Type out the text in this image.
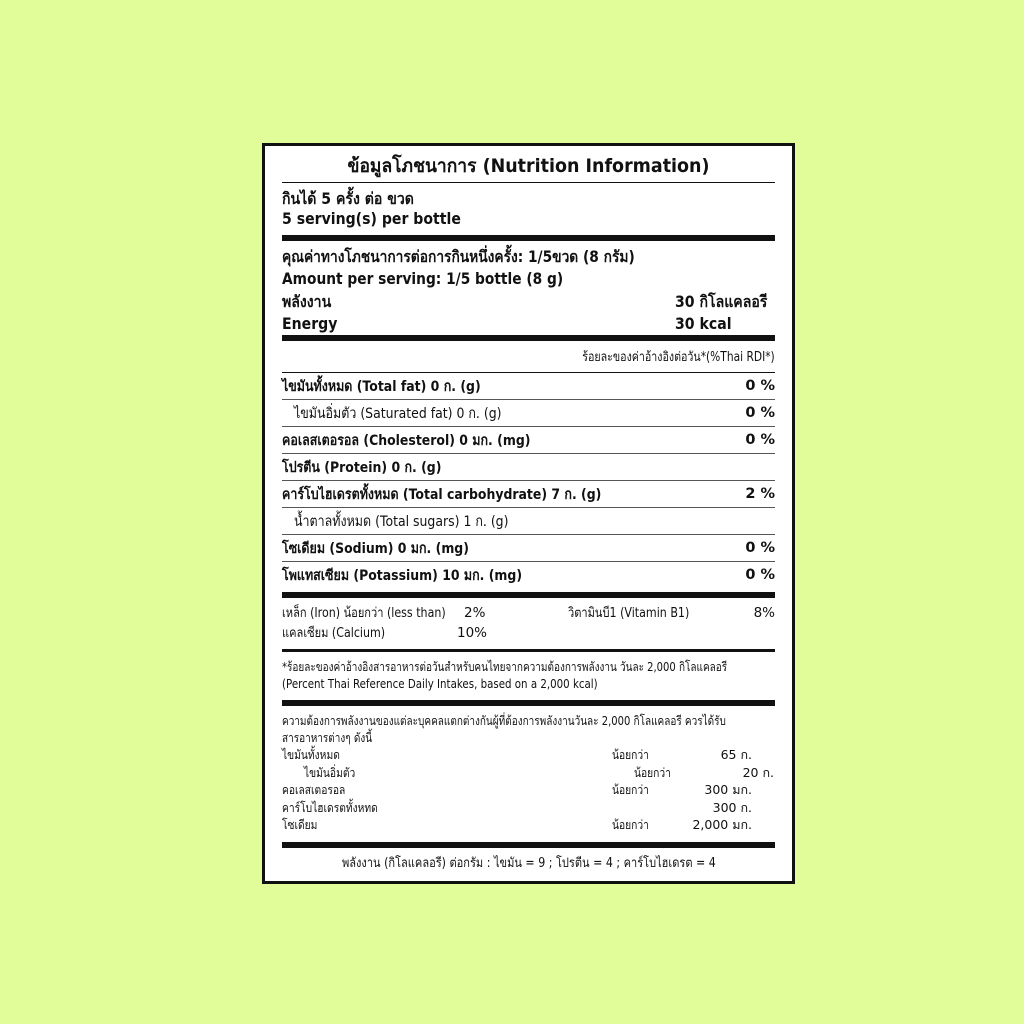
ข้อมูลโภชนาการ (Nutrition Information)
กินได้ 5 ครั้ง ต่อ ขวด
5 serving(s) per bottle
คุณค่าทางโภชนาการต่อการกินหนึ่งครั้ง: 1/5ขวด (8 กรัม)
Amount per serving: 1/5 bottle (8 g)
พลังงาน	30 กิโลแคลอรี
Energy	30 kcal
ร้อยละของค่าอ้างอิงต่อวัน*(%Thai RDI*)
ไขมันทั้งหมด (Total fat) 0 ก. (g)	0 %
ไขมันอิ่มตัว (Saturated fat) 0 ก. (g)	0 %
คอเลสเตอรอล (Cholesterol) 0 มก. (mg)	0 %
โปรตีน (Protein) 0 ก. (g)
คาร์โบไฮเดรตทั้งหมด (Total carbohydrate) 7 ก. (g)	2 %
น้ำตาลทั้งหมด (Total sugars) 1 ก. (g)
โซเดียม (Sodium) 0 มก. (mg)	0 %
โพแทสเซียม (Potassium) 10 มก. (mg)	0 %
เหล็ก (Iron) น้อยกว่า (less than)	2%	วิตามินบี1 (Vitamin B1)	8%
แคลเซียม (Calcium)	10%
*ร้อยละของค่าอ้างอิงสารอาหารต่อวันสำหรับคนไทยจากความต้องการพลังงาน วันละ 2,000 กิโลแคลอรี
(Percent Thai Reference Daily Intakes, based on a 2,000 kcal)
ความต้องการพลังงานของแต่ละบุคคลแตกต่างกันผู้ที่ต้องการพลังงานวันละ 2,000 กิโลแคลอรี ควรได้รับ
สารอาหารต่างๆ ดังนี้
ไขมันทั้งหมด	น้อยกว่า	65 ก.
ไขมันอิ่มตัว	น้อยกว่า	20 ก.
คอเลสเตอรอล	น้อยกว่า	300 มก.
คาร์โบไฮเดรตทั้งหทด	300 ก.
โซเดียม	น้อยกว่า	2,000 มก.
พลังงาน (กิโลแคลอรี) ต่อกรัม : ไขมัน = 9 ; โปรตีน = 4 ; คาร์โบไฮเดรต = 4
